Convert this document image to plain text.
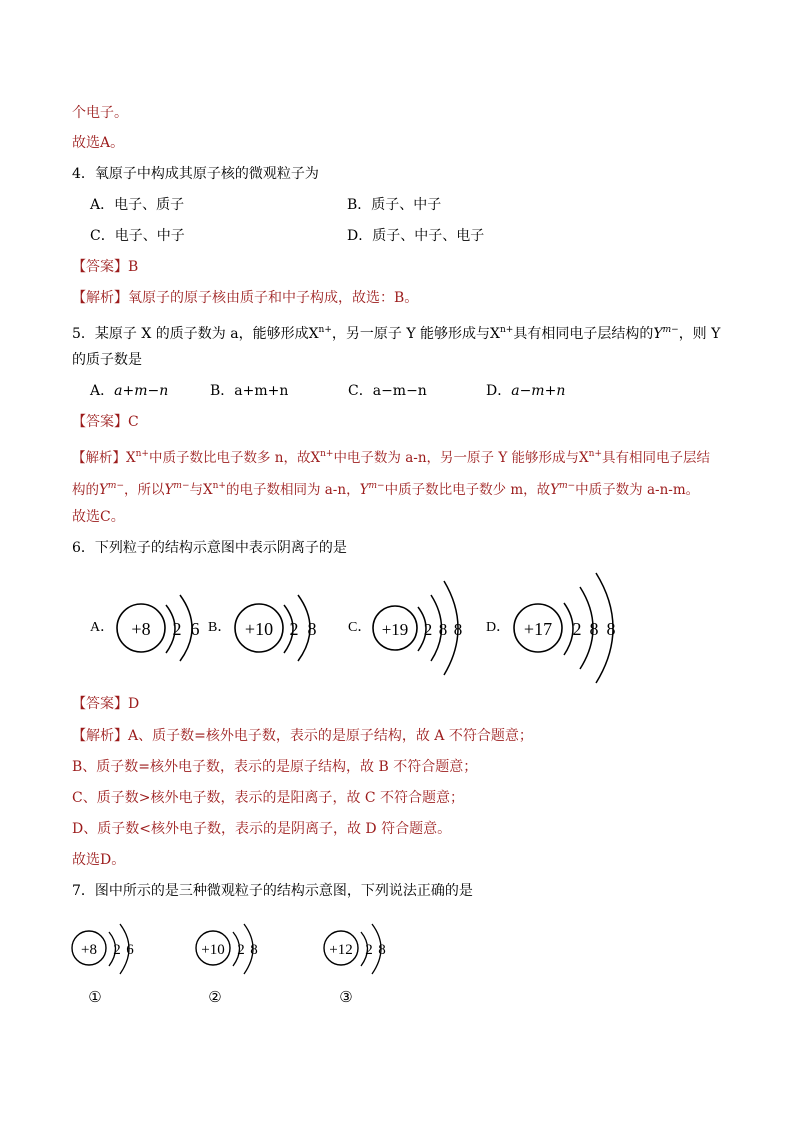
个电子。
故选A。
4．氧原子中构成其原子核的微观粒子为
A．电子、质子	B．质子、中子
C．电子、中子	D．质子、中子、电子
【答案】B
【解析】氧原子的原子核由质子和中子构成，故选：B。
5．某原子 X 的质子数为 a，能够形成$X^{n+}$，另一原子 Y 能够形成与$X^{n+}$具有相同电子层结构的$Y^{m-}$，则 Y
的质子数是
A．a+m−n	B．a+m+n	C．a−m−n	D．a−m+n
【答案】C
【解析】$X^{n+}$中质子数比电子数多 n，故$X^{n+}$中电子数为 a-n，另一原子 Y 能够形成与$X^{n+}$具有相同电子层结
构的$Y^{m-}$，所以$Y^{m-}$与$X^{n+}$的电子数相同为 a-n，$Y^{m-}$中质子数比电子数少 m，故$Y^{m-}$中质子数为 a-n-m。
故选C。
6．下列粒子的结构示意图中表示阴离子的是
A． +8 2 6 B． +10 2 8 C． +19 2 8 8 D． +17 2 8 8
【答案】D
【解析】A、质子数=核外电子数，表示的是原子结构，故 A 不符合题意；
B、质子数=核外电子数，表示的是原子结构，故 B 不符合题意；
C、质子数>核外电子数，表示的是阳离子，故 C 不符合题意；
D、质子数<核外电子数，表示的是阴离子，故 D 符合题意。
故选D。
7．图中所示的是三种微观粒子的结构示意图，下列说法正确的是
+8 2 6
①
+10 2 8
②
+12 2 8
③
